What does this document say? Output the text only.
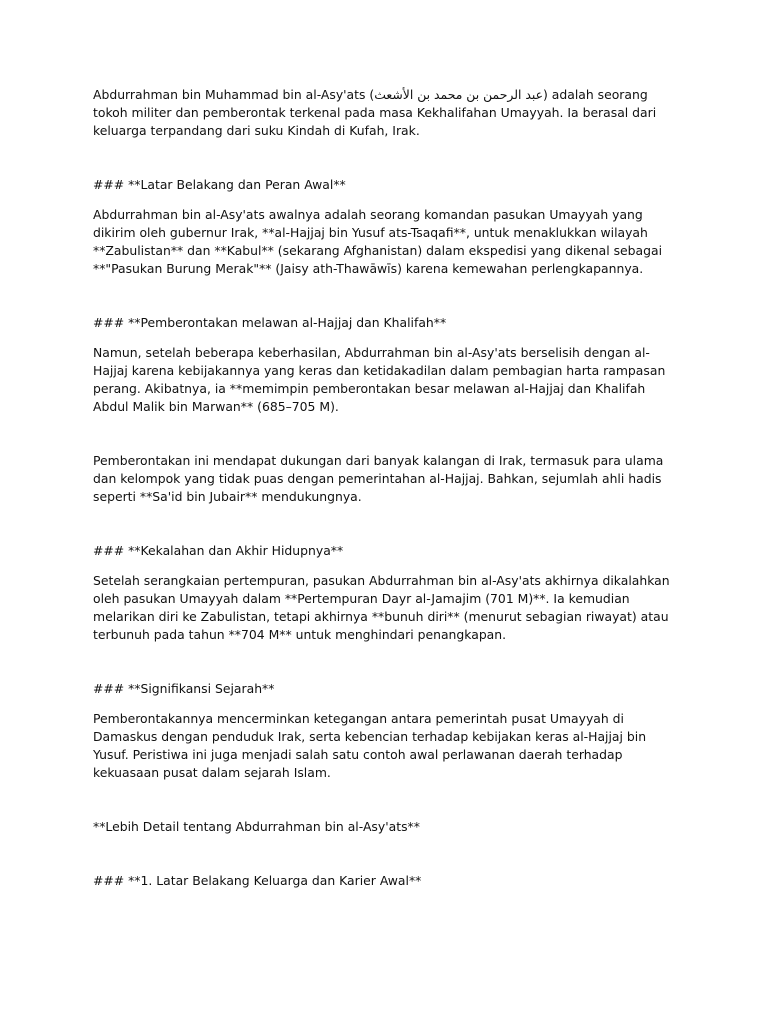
Abdurrahman bin Muhammad bin al-Asy'ats (عبد الرحمن بن محمد بن الأشعث) adalah seorang tokoh militer dan pemberontak terkenal pada masa Kekhalifahan Umayyah. Ia berasal dari keluarga terpandang dari suku Kindah di Kufah, Irak.

### **Latar Belakang dan Peran Awal**

Abdurrahman bin al-Asy'ats awalnya adalah seorang komandan pasukan Umayyah yang dikirim oleh gubernur Irak, **al-Hajjaj bin Yusuf ats-Tsaqafi**, untuk menaklukkan wilayah **Zabulistan** dan **Kabul** (sekarang Afghanistan) dalam ekspedisi yang dikenal sebagai **"Pasukan Burung Merak"** (Jaisy ath-Thawāwīs) karena kemewahan perlengkapannya.

### **Pemberontakan melawan al-Hajjaj dan Khalifah**

Namun, setelah beberapa keberhasilan, Abdurrahman bin al-Asy'ats berselisih dengan al-Hajjaj karena kebijakannya yang keras dan ketidakadilan dalam pembagian harta rampasan perang. Akibatnya, ia **memimpin pemberontakan besar melawan al-Hajjaj dan Khalifah Abdul Malik bin Marwan** (685–705 M).

Pemberontakan ini mendapat dukungan dari banyak kalangan di Irak, termasuk para ulama dan kelompok yang tidak puas dengan pemerintahan al-Hajjaj. Bahkan, sejumlah ahli hadis seperti **Sa'id bin Jubair** mendukungnya.

### **Kekalahan dan Akhir Hidupnya**

Setelah serangkaian pertempuran, pasukan Abdurrahman bin al-Asy'ats akhirnya dikalahkan oleh pasukan Umayyah dalam **Pertempuran Dayr al-Jamajim (701 M)**. Ia kemudian melarikan diri ke Zabulistan, tetapi akhirnya **bunuh diri** (menurut sebagian riwayat) atau terbunuh pada tahun **704 M** untuk menghindari penangkapan.

### **Signifikansi Sejarah**

Pemberontakannya mencerminkan ketegangan antara pemerintah pusat Umayyah di Damaskus dengan penduduk Irak, serta kebencian terhadap kebijakan keras al-Hajjaj bin Yusuf. Peristiwa ini juga menjadi salah satu contoh awal perlawanan daerah terhadap kekuasaan pusat dalam sejarah Islam.

**Lebih Detail tentang Abdurrahman bin al-Asy'ats**

### **1. Latar Belakang Keluarga dan Karier Awal**
